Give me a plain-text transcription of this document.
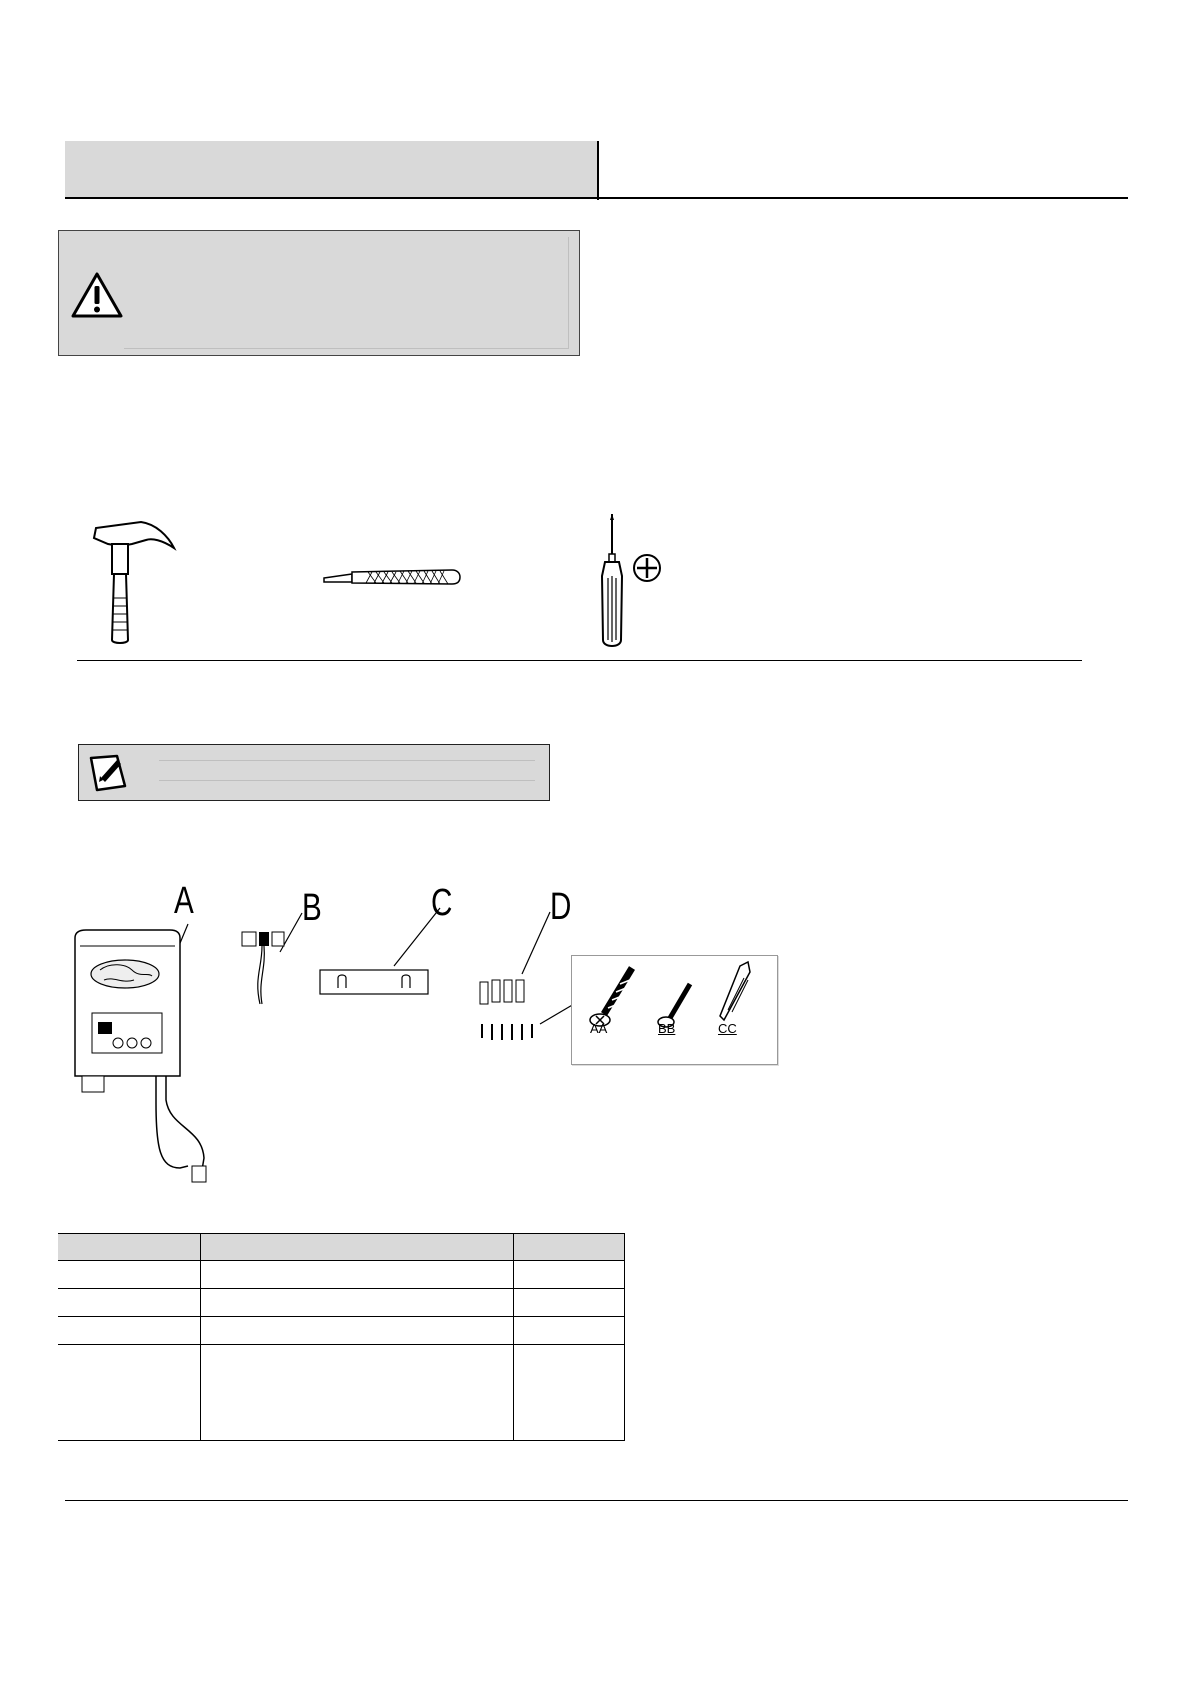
A	B	C	D
AA	BB	CC
